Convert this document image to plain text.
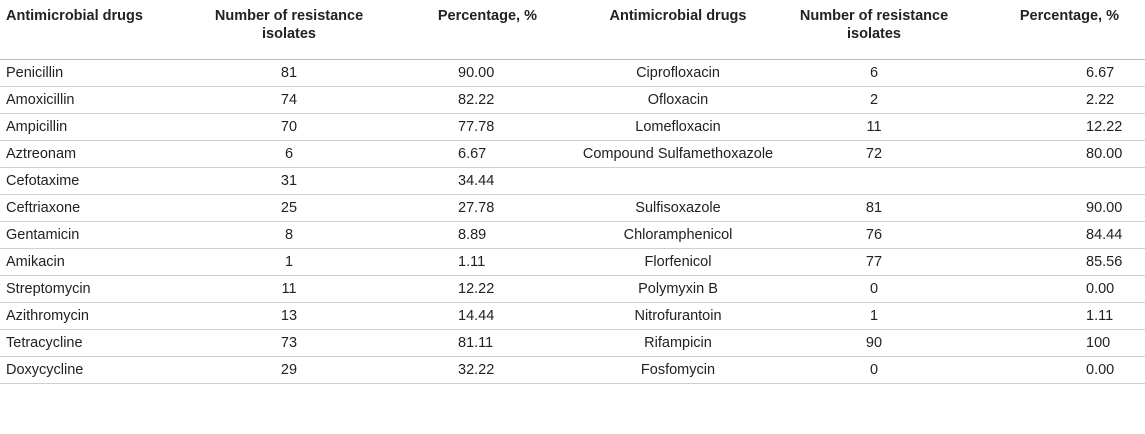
Antimicrobial drugs	Number of resistance isolates	Percentage, %	Antimicrobial drugs	Number of resistance isolates	Percentage, %
Penicillin	81	90.00	Ciprofloxacin	6	6.67
Amoxicillin	74	82.22	Ofloxacin	2	2.22
Ampicillin	70	77.78	Lomefloxacin	11	12.22
Aztreonam	6	6.67	Compound Sulfamethoxazole	72	80.00
Cefotaxime	31	34.44			
Ceftriaxone	25	27.78	Sulfisoxazole	81	90.00
Gentamicin	8	8.89	Chloramphenicol	76	84.44
Amikacin	1	1.11	Florfenicol	77	85.56
Streptomycin	11	12.22	Polymyxin B	0	0.00
Azithromycin	13	14.44	Nitrofurantoin	1	1.11
Tetracycline	73	81.11	Rifampicin	90	100
Doxycycline	29	32.22	Fosfomycin	0	0.00
